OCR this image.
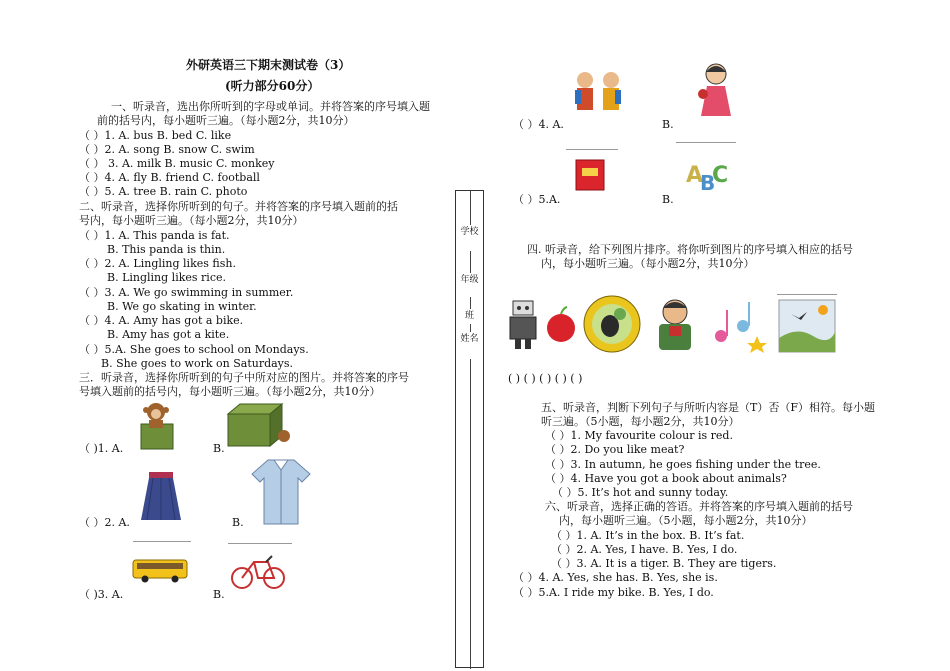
外研英语三下期末测试卷（3）
(听力部分60分）
一、听录音，选出你所听到的字母或单词。并将答案的序号填入题
前的括号内，每小题听三遍。（每小题2分，共10分）
（ ）1. A. bus B. bed C. like
（ ）2. A. song B. snow C. swim
（ ） 3. A. milk B. music C. monkey
（ ）4. A. fly B. friend C. football
（ ）5. A. tree B. rain C. photo
二、听录音，选择你所听到的句子。并将答案的序号填入题前的括
号内，每小题听三遍。（每小题2分，共10分）
（ ）1. A. This panda is fat.
B. This panda is thin.
（ ）2. A. Lingling likes fish.
B. Lingling likes rice.
（ ）3. A. We go swimming in summer.
B. We go skating in winter.
（ ）4. A. Amy has got a bike.
B. Amy has got a kite.
（ ）5.A. She goes to school on Mondays.
B. She goes to work on Saturdays.
三．听录音，选择你所听到的句子中所对应的图片。并将答案的序号
号填入题前的括号内，每小题听三遍。（每小题2分，共10分）
（ )1. A.	B.
（ ）2. A.	B.
（ )3. A.	B.
学校
年级
班
姓名
（ ）4. A.	B.
（ ）5.A.
A
B
C
B.
四. 听录音，给下列图片排序。将你听到图片的序号填入相应的括号
内，每小题听三遍。（每小题2分，共10分）
( ) ( ) ( ) ( ) ( )
五、听录音，判断下列句子与所听内容是（T）否（F）相符。每小题
听三遍。（5小题，每小题2分，共10分）
（ ）1. My favourite colour is red.
（ ）2. Do you like meat?
（ ）3. In autumn, he goes fishing under the tree.
（ ）4. Have you got a book about animals?
（ ）5. It’s hot and sunny today.
六、听录音，选择正确的答语。并将答案的序号填入题前的括号
内，每小题听三遍。（5小题，每小题2分，共10分）
（ ）1. A. It’s in the box. B. It’s fat.
（ ）2. A. Yes, I have. B. Yes, I do.
（ ）3. A. It is a tiger. B. They are tigers.
（ ）4. A. Yes, she has. B. Yes, she is.
（ ）5.A. I ride my bike. B. Yes, I do.
